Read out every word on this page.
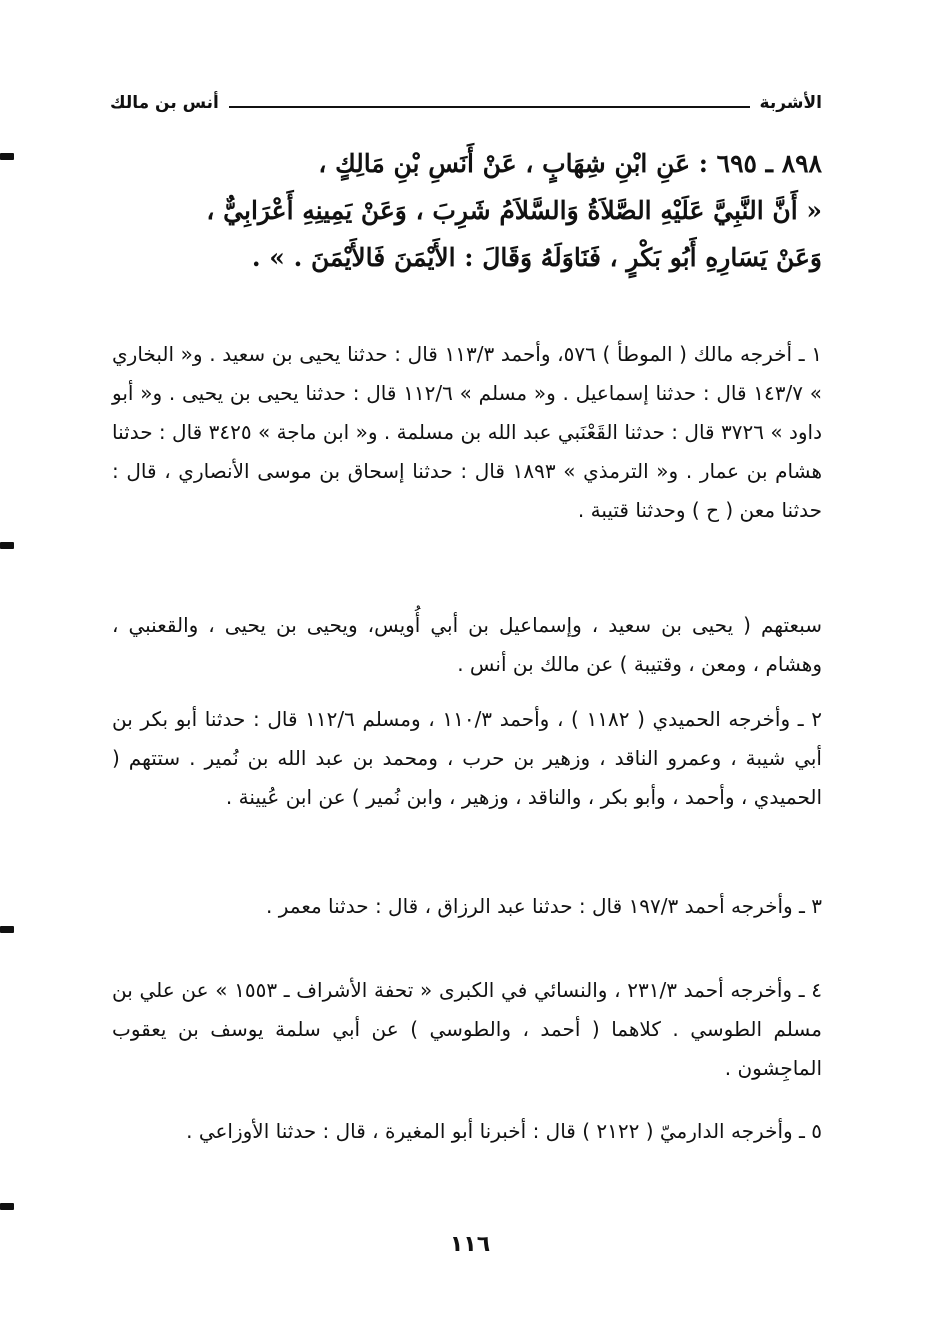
الأشربة
أنس بن مالك

٨٩٨ ـ ٦٩٥ : عَنِ ابْنِ شِهَابٍ ، عَنْ أَنَسِ بْنِ مَالِكٍ ،

« أَنَّ النَّبِيَّ عَلَيْهِ الصَّلاَةُ وَالسَّلاَمُ شَرِبَ ، وَعَنْ يَمِينِهِ أَعْرَابِيٌّ ،

وَعَنْ يَسَارِهِ أَبُو بَكْرٍ ، فَنَاوَلَهُ وَقَالَ : الأَيْمَنَ فَالأَيْمَنَ . » .

١ ـ أخرجه مالك ( الموطأ ) ٥٧٦، وأحمد ١١٣/٣ قال : حدثنا يحيى بن سعيد . و« البخاري » ١٤٣/٧ قال : حدثنا إسماعيل . و« مسلم » ١١٢/٦ قال : حدثنا يحيى بن يحيى . و« أبو داود » ٣٧٢٦ قال : حدثنا القَعْنَبي عبد الله بن مسلمة . و« ابن ماجة » ٣٤٢٥ قال : حدثنا هشام بن عمار . و« الترمذي » ١٨٩٣ قال : حدثنا إسحاق بن موسى الأنصاري ، قال : حدثنا معن ( ح ) وحدثنا قتيبة .

سبعتهم ( يحيى بن سعيد ، وإسماعيل بن أبي أُويس، ويحيى بن يحيى ، والقعنبي ، وهشام ، ومعن ، وقتيبة ) عن مالك بن أنس .

٢ ـ وأخرجه الحميدي ( ١١٨٢ ) ، وأحمد ١١٠/٣ ، ومسلم ١١٢/٦ قال : حدثنا أبو بكر بن أبي شيبة ، وعمرو الناقد ، وزهير بن حرب ، ومحمد بن عبد الله بن نُمير . ستتهم ( الحميدي ، وأحمد ، وأبو بكر ، والناقد ، وزهير ، وابن نُمير ) عن ابن عُيينة .

٣ ـ وأخرجه أحمد ١٩٧/٣ قال : حدثنا عبد الرزاق ، قال : حدثنا معمر .

٤ ـ وأخرجه أحمد ٢٣١/٣ ، والنسائي في الكبرى « تحفة الأشراف ـ ١٥٥٣ » عن علي بن مسلم الطوسي . كلاهما ( أحمد ، والطوسي ) عن أبي سلمة يوسف بن يعقوب الماجِشون .

٥ ـ وأخرجه الدارميّ ( ٢١٢٢ ) قال : أخبرنا أبو المغيرة ، قال : حدثنا الأوزاعي .

١١٦
